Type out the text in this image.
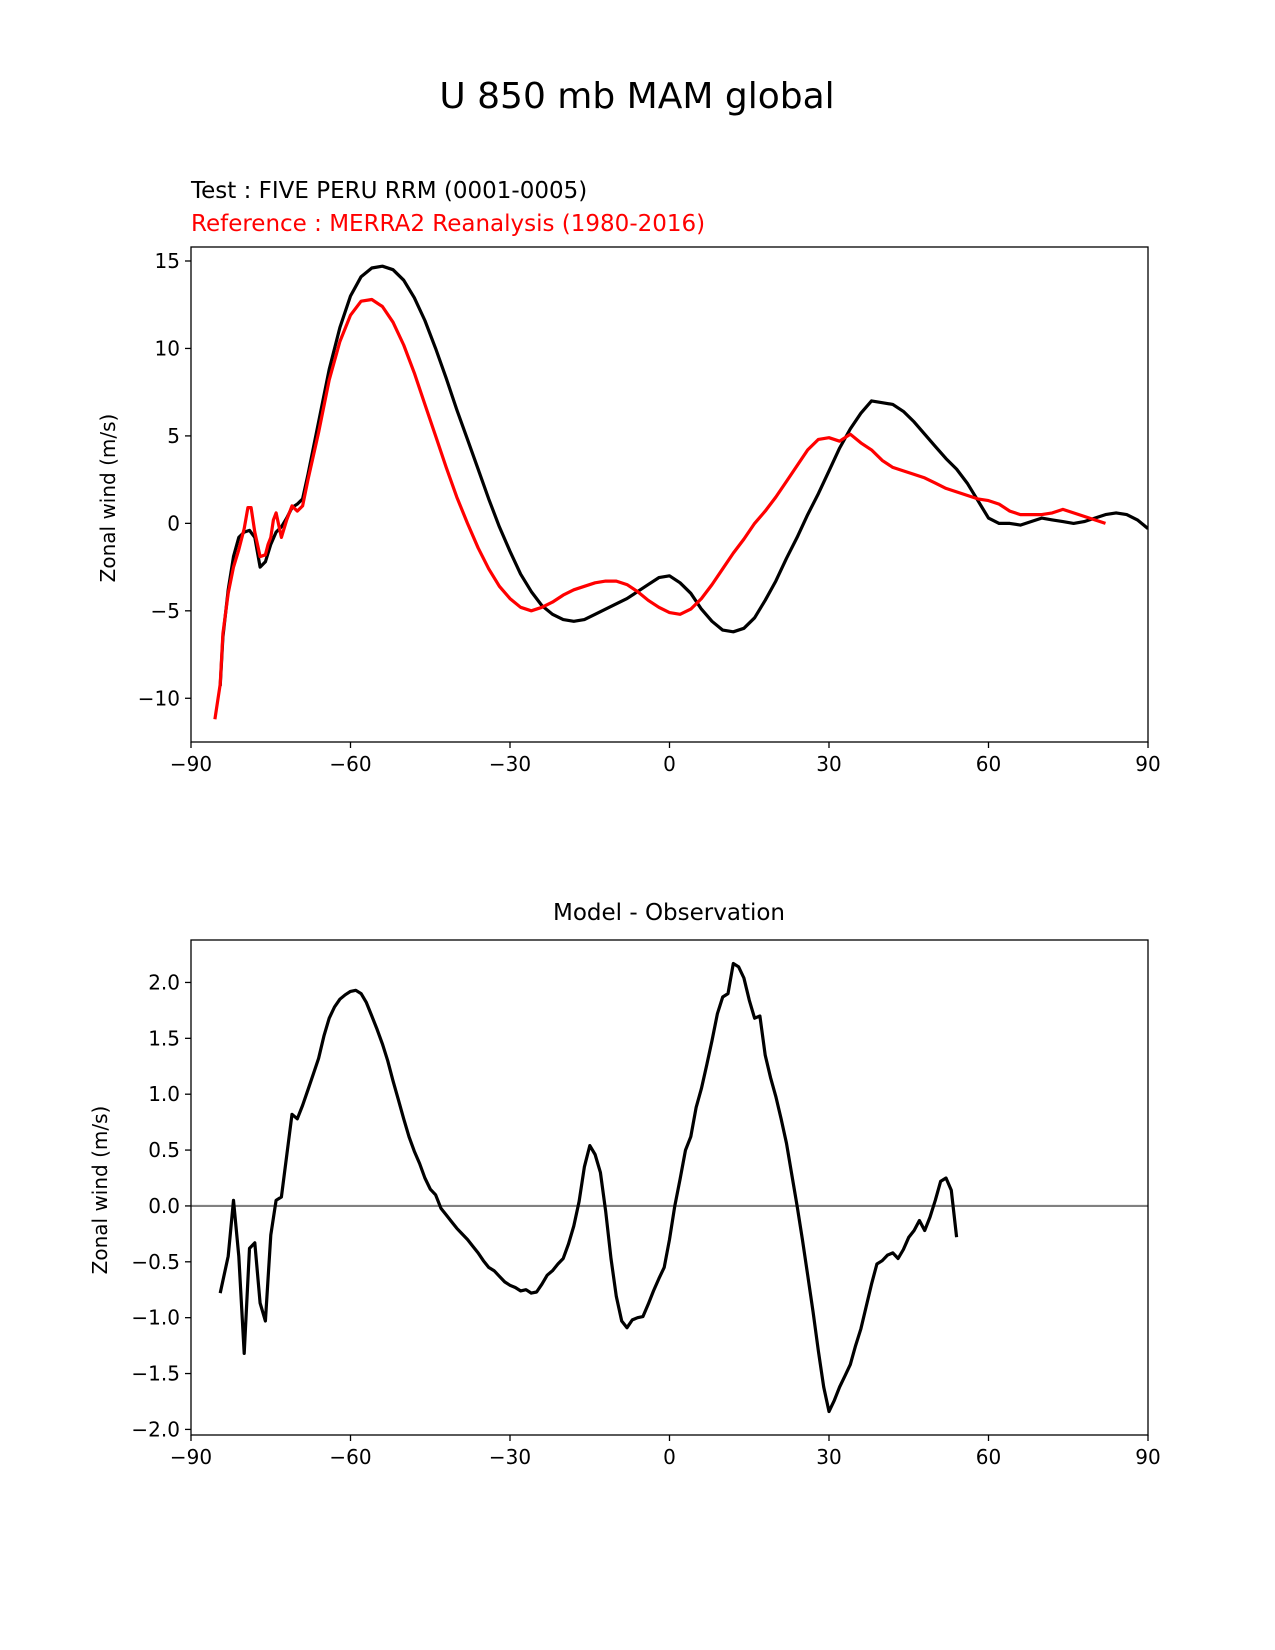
U 850 mb MAM global
Test : FIVE PERU RRM (0001-0005)
Reference : MERRA2 Reanalysis (1980-2016)
Zonal wind (m/s)
−90	−60	−30	0	30	60	90
15
10
5
0
−5
−10
Model - Observation
Zonal wind (m/s)
−90	−60	−30	0	30	60	90
2.0
1.5
1.0
0.5
0.0
−0.5
−1.0
−1.5
−2.0
